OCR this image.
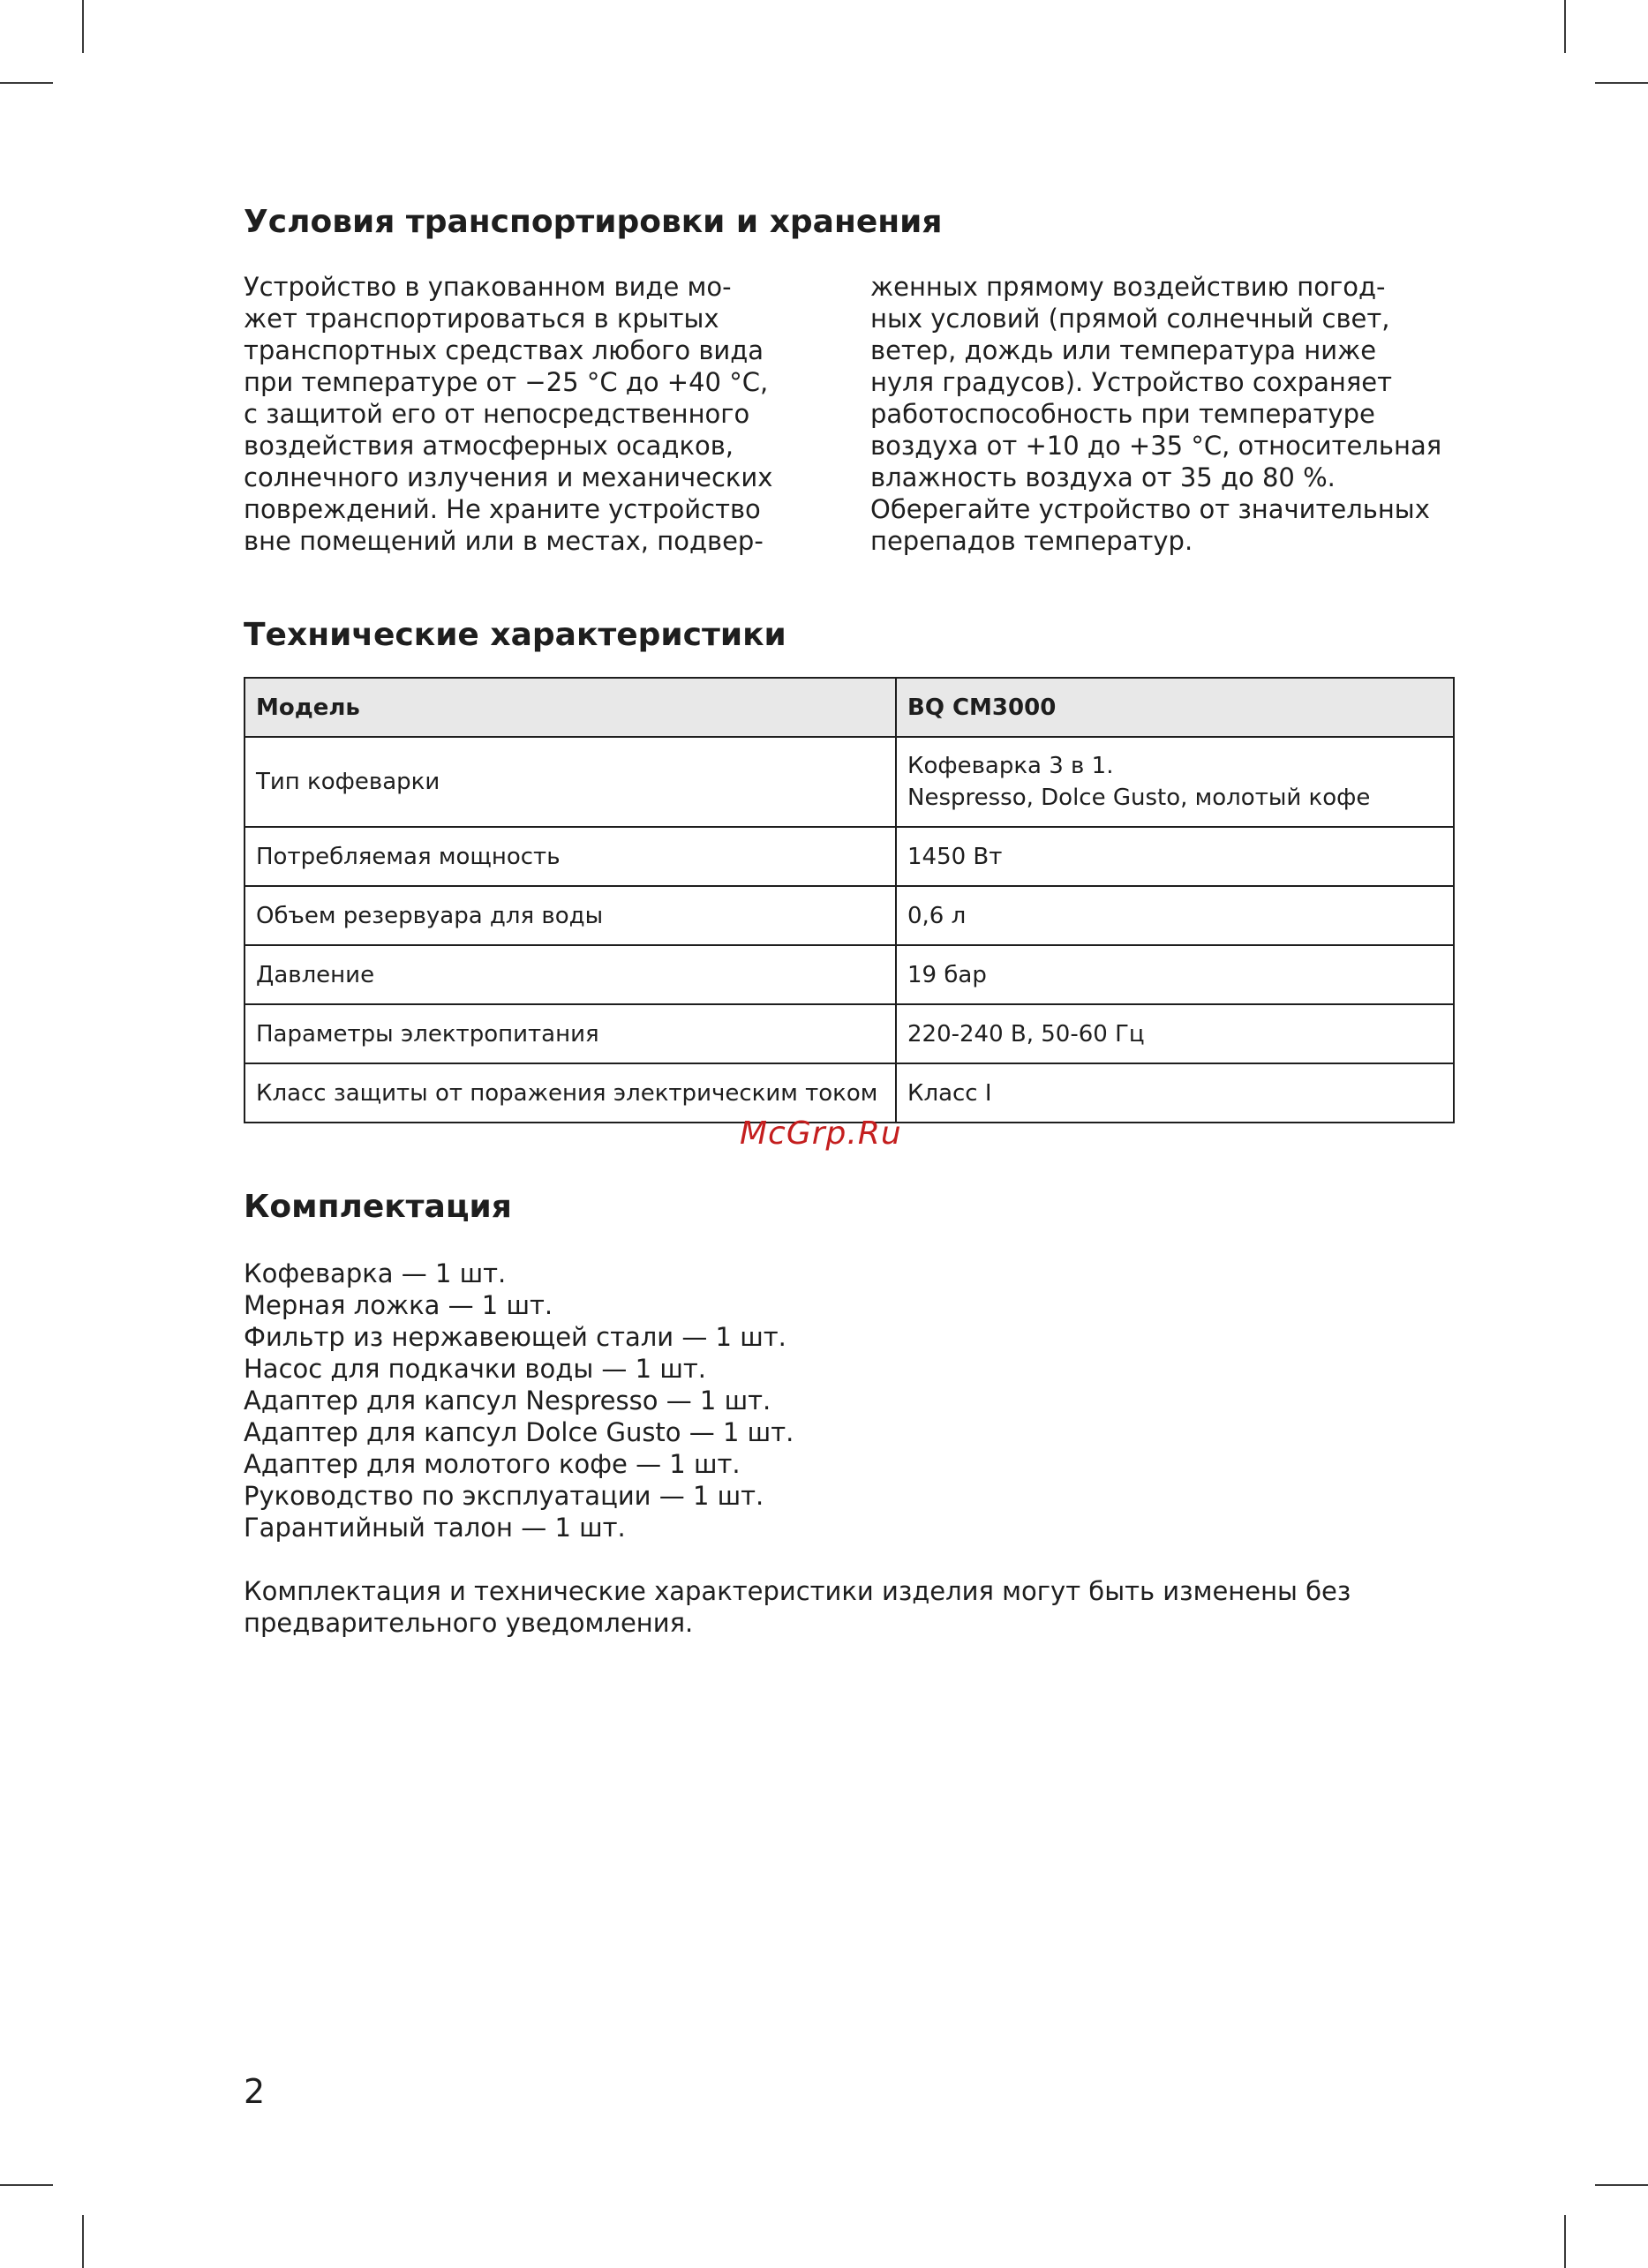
Условия транспортировки и хранения
Устройство в упакованном виде мо-
жет транспортироваться в крытых
транспортных средствах любого вида
при температуре от −25 °C до +40 °C,
с защитой его от непосредственного
воздействия атмосферных осадков,
солнечного излучения и механических
повреждений. Не храните устройство
вне помещений или в местах, подвер-
женных прямому воздействию погод-
ных условий (прямой солнечный свет,
ветер, дождь или температура ниже
нуля градусов). Устройство сохраняет
работоспособность при температуре
воздуха от +10 до +35 °C, относительная
влажность воздуха от 35 до 80 %.
Оберегайте устройство от значительных
перепадов температур.
Технические характеристики
Модель	BQ CM3000
Тип кофеварки	Кофеварка 3 в 1.
Nespresso, Dolce Gusto, молотый кофе

Потребляемая мощность	1450 Вт
Объем резервуара для воды	0,6 л
Давление	19 бар
Параметры электропитания	220-240 В, 50-60 Гц
Класс защиты от поражения электрическим током	Класс I
McGrp.Ru
Комплектация
Кофеварка — 1 шт.
Мерная ложка — 1 шт.
Фильтр из нержавеющей стали — 1 шт.
Насос для подкачки воды — 1 шт.
Адаптер для капсул Nespresso — 1 шт.
Адаптер для капсул Dolce Gusto — 1 шт.
Адаптер для молотого кофе — 1 шт.
Руководство по эксплуатации — 1 шт.
Гарантийный талон — 1 шт.
Комплектация и технические характеристики изделия могут быть изменены без
предварительного уведомления.
2
